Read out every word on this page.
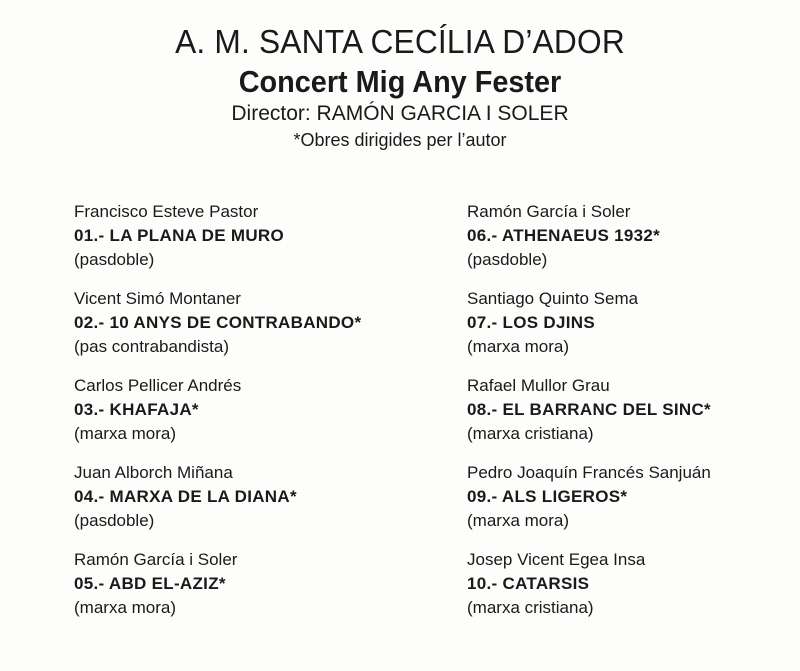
A. M. SANTA CECÍLIA D’ADOR
Concert Mig Any Fester
Director: RAMÓN GARCIA I SOLER
*Obres dirigides per l’autor
Francisco Esteve Pastor
01.- LA PLANA DE MURO
(pasdoble)
Vicent Simó Montaner
02.- 10 ANYS DE CONTRABANDO*
(pas contrabandista)
Carlos Pellicer Andrés
03.- KHAFAJA*
(marxa mora)
Juan Alborch Miñana
04.- MARXA DE LA DIANA*
(pasdoble)
Ramón García i Soler
05.- ABD EL-AZIZ*
(marxa mora)
Ramón García i Soler
06.- ATHENAEUS 1932*
(pasdoble)
Santiago Quinto Sema
07.- LOS DJINS
(marxa mora)
Rafael Mullor Grau
08.- EL BARRANC DEL SINC*
(marxa cristiana)
Pedro Joaquín Francés Sanjuán
09.- ALS LIGEROS*
(marxa mora)
Josep Vicent Egea Insa
10.- CATARSIS
(marxa cristiana)
